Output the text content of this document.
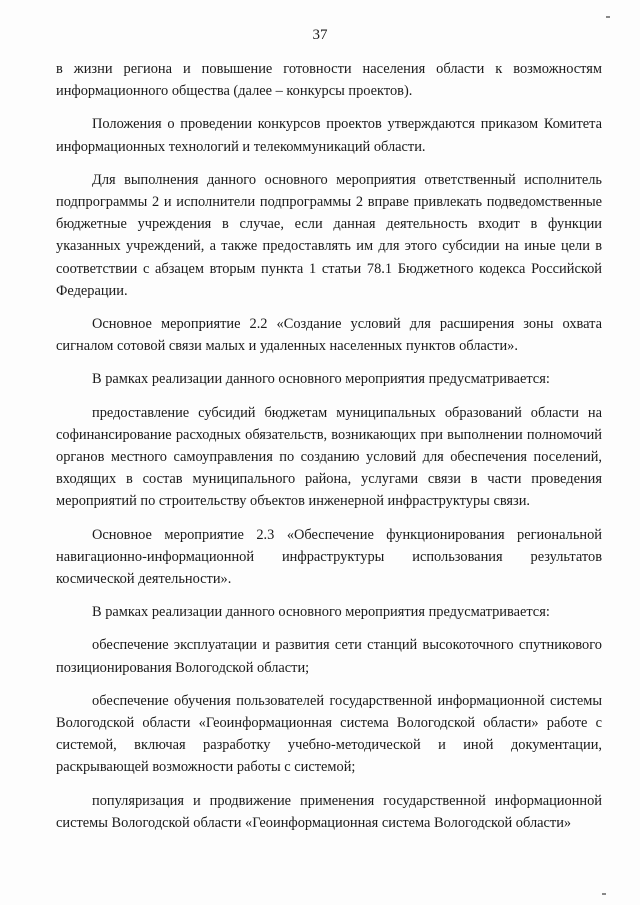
37

в жизни региона и повышение готовности населения области к возможностям информационного общества (далее – конкурсы проектов).

Положения о проведении конкурсов проектов утверждаются приказом Комитета информационных технологий и телекоммуникаций области.

Для выполнения данного основного мероприятия ответственный исполнитель подпрограммы 2 и исполнители подпрограммы 2 вправе привлекать подведомственные бюджетные учреждения в случае, если данная деятельность входит в функции указанных учреждений, а также предоставлять им для этого субсидии на иные цели в соответствии с абзацем вторым пункта 1 статьи 78.1 Бюджетного кодекса Российской Федерации.

Основное мероприятие 2.2 «Создание условий для расширения зоны охвата сигналом сотовой связи малых и удаленных населенных пунктов области».

В рамках реализации данного основного мероприятия предусматривается:

предоставление субсидий бюджетам муниципальных образований области на софинансирование расходных обязательств, возникающих при выполнении полномочий органов местного самоуправления по созданию условий для обеспечения поселений, входящих в состав муниципального района, услугами связи в части проведения мероприятий по строительству объектов инженерной инфраструктуры связи.

Основное мероприятие 2.3 «Обеспечение функционирования региональной навигационно-информационной инфраструктуры использования результатов космической деятельности».

В рамках реализации данного основного мероприятия предусматривается:

обеспечение эксплуатации и развития сети станций высокоточного спутникового позиционирования Вологодской области;

обеспечение обучения пользователей государственной информационной системы Вологодской области «Геоинформационная система Вологодской области» работе с системой, включая разработку учебно-методической и иной документации, раскрывающей возможности работы с системой;

популяризация и продвижение применения государственной информационной системы Вологодской области «Геоинформационная система Вологодской области»
